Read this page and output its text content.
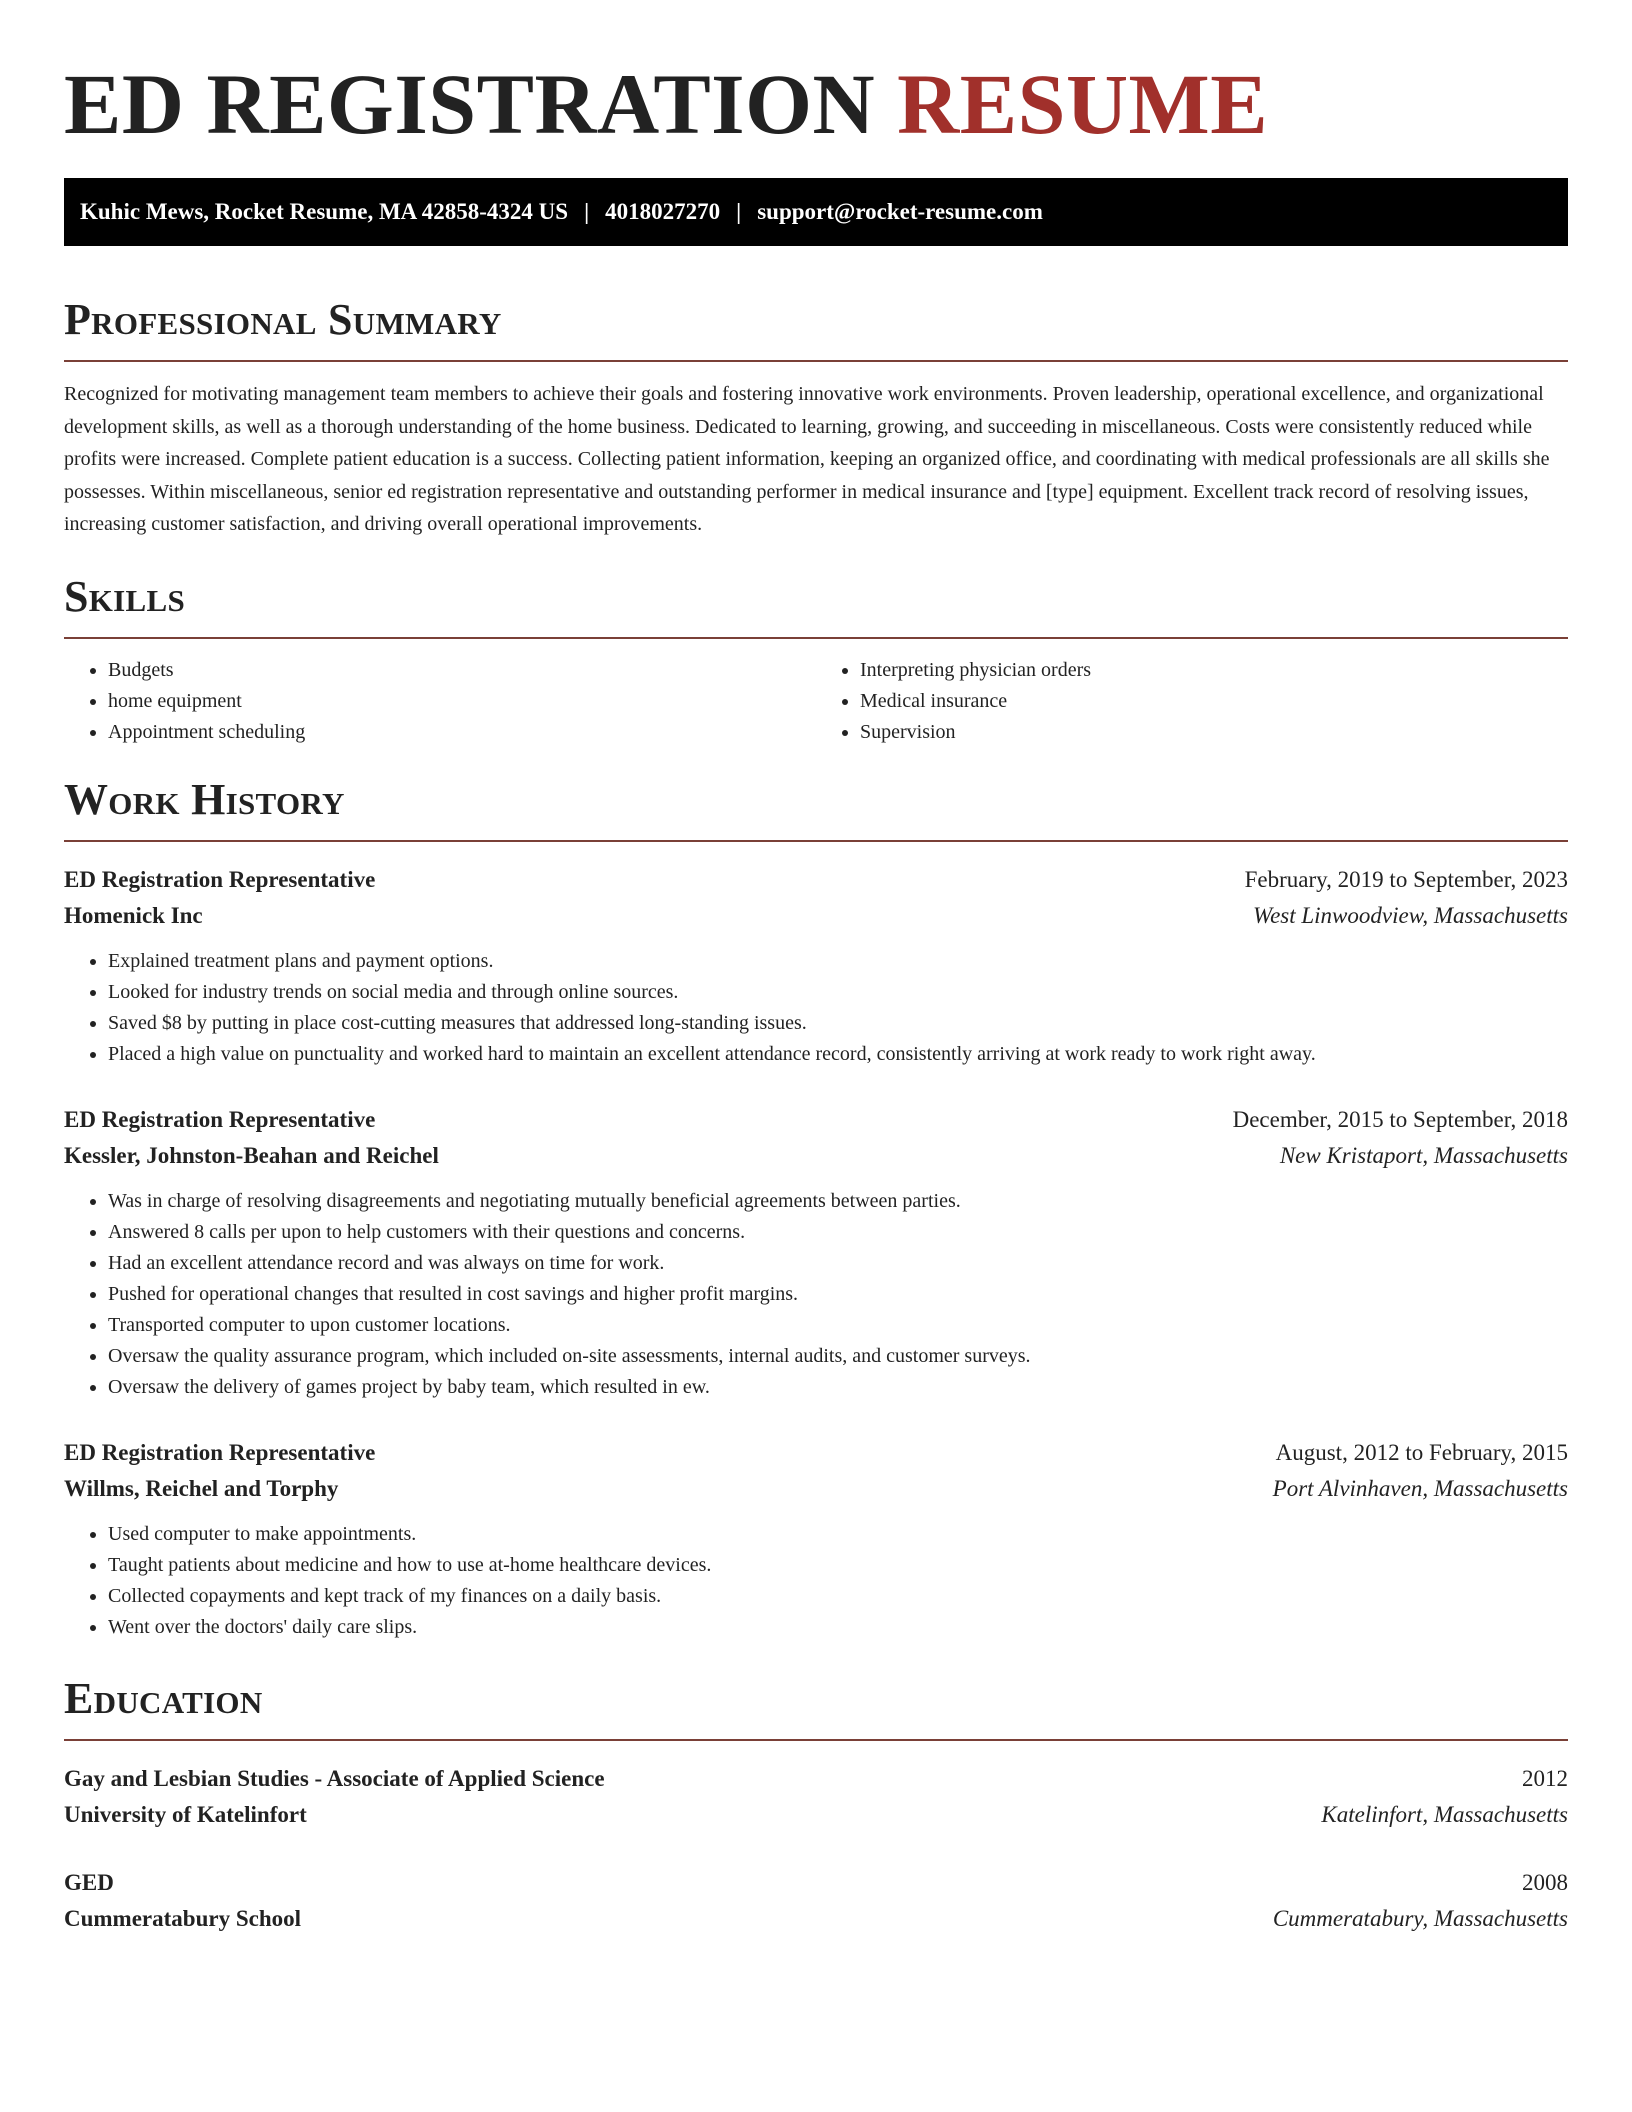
ED REGISTRATION RESUME
Kuhic Mews, Rocket Resume, MA 42858-4324 US | 4018027270 | support@rocket-resume.com
Professional Summary

Recognized for motivating management team members to achieve their goals and fostering innovative work environments. Proven leadership, operational excellence, and organizational development skills, as well as a thorough understanding of the home business. Dedicated to learning, growing, and succeeding in miscellaneous. Costs were consistently reduced while profits were increased. Complete patient education is a success. Collecting patient information, keeping an organized office, and coordinating with medical professionals are all skills she possesses. Within miscellaneous, senior ed registration representative and outstanding performer in medical insurance and [type] equipment. Excellent track record of resolving issues, increasing customer satisfaction, and driving overall operational improvements.

Skills
• Budgets
• home equipment
• Appointment scheduling
• Interpreting physician orders
• Medical insurance
• Supervision
Work History
ED Registration Representative	February, 2019 to September, 2023
Homenick Inc	West Linwoodview, Massachusetts
• Explained treatment plans and payment options.
• Looked for industry trends on social media and through online sources.
• Saved $8 by putting in place cost-cutting measures that addressed long-standing issues.
• Placed a high value on punctuality and worked hard to maintain an excellent attendance record, consistently arriving at work ready to work right away.
ED Registration Representative	December, 2015 to September, 2018
Kessler, Johnston-Beahan and Reichel	New Kristaport, Massachusetts
• Was in charge of resolving disagreements and negotiating mutually beneficial agreements between parties.
• Answered 8 calls per upon to help customers with their questions and concerns.
• Had an excellent attendance record and was always on time for work.
• Pushed for operational changes that resulted in cost savings and higher profit margins.
• Transported computer to upon customer locations.
• Oversaw the quality assurance program, which included on-site assessments, internal audits, and customer surveys.
• Oversaw the delivery of games project by baby team, which resulted in ew.
ED Registration Representative	August, 2012 to February, 2015
Willms, Reichel and Torphy	Port Alvinhaven, Massachusetts
• Used computer to make appointments.
• Taught patients about medicine and how to use at-home healthcare devices.
• Collected copayments and kept track of my finances on a daily basis.
• Went over the doctors' daily care slips.
Education
Gay and Lesbian Studies - Associate of Applied Science	2012
University of Katelinfort	Katelinfort, Massachusetts
GED	2008
Cummeratabury School	Cummeratabury, Massachusetts
